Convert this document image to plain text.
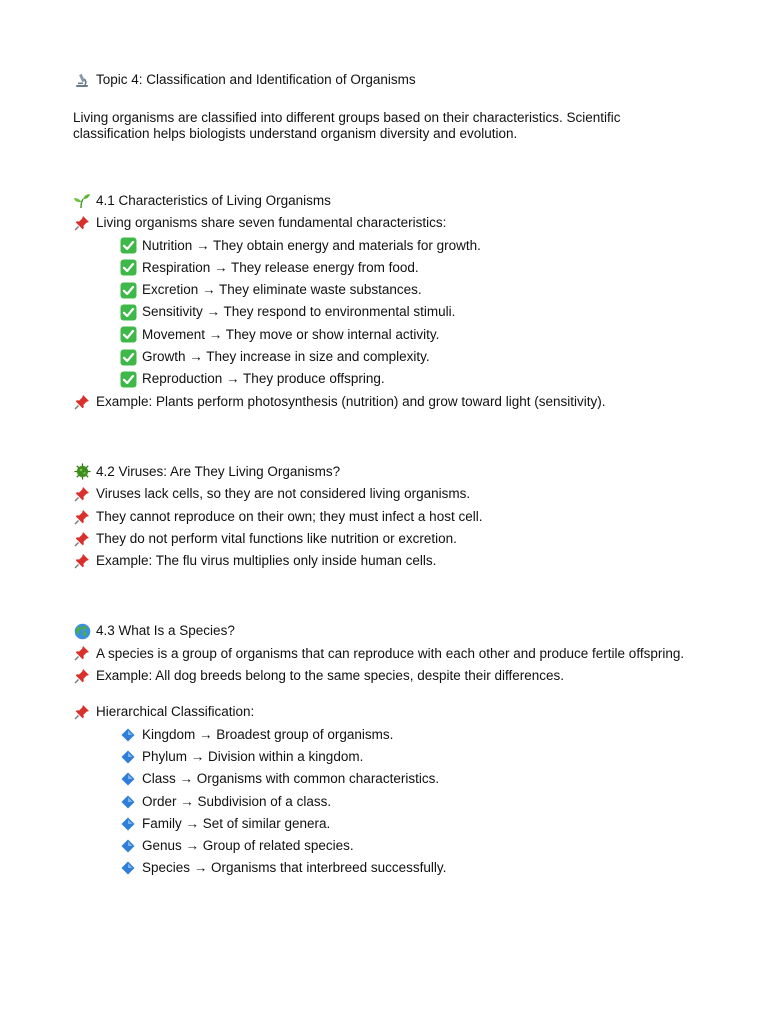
Topic 4: Classification and Identification of Organisms
Living organisms are classified into different groups based on their characteristics. Scientific classification helps biologists understand organism diversity and evolution.
4.1 Characteristics of Living Organisms
Living organisms share seven fundamental characteristics:
Nutrition → They obtain energy and materials for growth.
Respiration → They release energy from food.
Excretion → They eliminate waste substances.
Sensitivity → They respond to environmental stimuli.
Movement → They move or show internal activity.
Growth → They increase in size and complexity.
Reproduction → They produce offspring.
Example: Plants perform photosynthesis (nutrition) and grow toward light (sensitivity).
4.2 Viruses: Are They Living Organisms?
Viruses lack cells, so they are not considered living organisms.
They cannot reproduce on their own; they must infect a host cell.
They do not perform vital functions like nutrition or excretion.
Example: The flu virus multiplies only inside human cells.
4.3 What Is a Species?
A species is a group of organisms that can reproduce with each other and produce fertile offspring.
Example: All dog breeds belong to the same species, despite their differences.
Hierarchical Classification:
Kingdom → Broadest group of organisms.
Phylum → Division within a kingdom.
Class → Organisms with common characteristics.
Order → Subdivision of a class.
Family → Set of similar genera.
Genus → Group of related species.
Species → Organisms that interbreed successfully.
